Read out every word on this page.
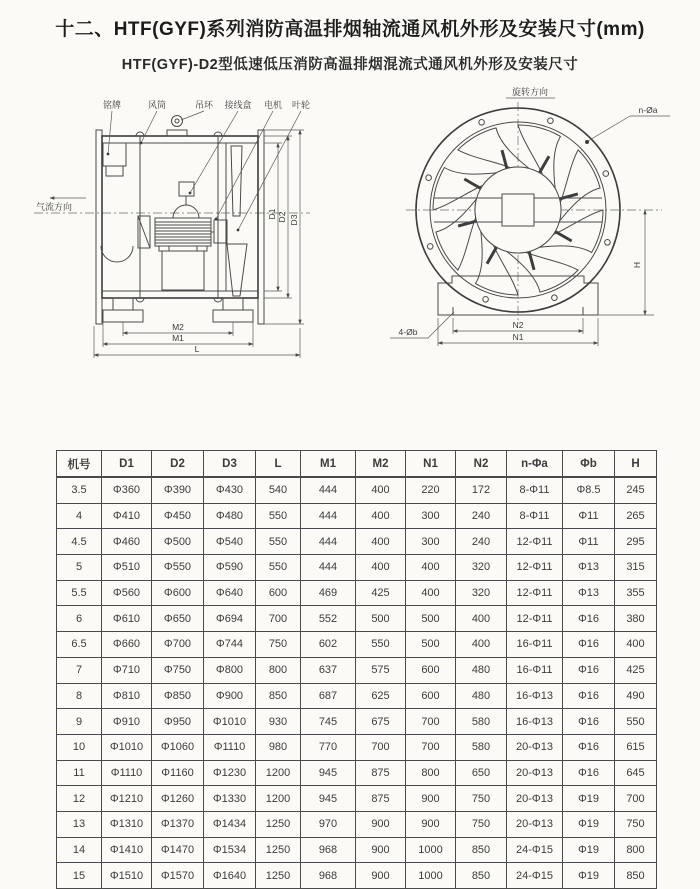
十二、HTF(GYF)系列消防高温排烟轴流通风机外形及安装尺寸(mm)
HTF(GYF)-D2型低速低压消防高温排烟混流式通风机外形及安装尺寸
铭牌	风筒	吊环 接线盒 电机 叶轮
气流方向
D1 D2 D3
M2
M1
L
旋转方向
n-Øa
4-Øb
N2
N1
H
机号	D1	D2	D3	L	M1	M2	N1	N2	n-Φa	Φb	H
3.5	Φ360	Φ390	Φ430	540	444	400	220	172	8-Φ11	Φ8.5	245
4	Φ410	Φ450	Φ480	550	444	400	300	240	8-Φ11	Φ11	265
4.5	Φ460	Φ500	Φ540	550	444	400	300	240	12-Φ11	Φ11	295
5	Φ510	Φ550	Φ590	550	444	400	400	320	12-Φ11	Φ13	315
5.5	Φ560	Φ600	Φ640	600	469	425	400	320	12-Φ11	Φ13	355
6	Φ610	Φ650	Φ694	700	552	500	500	400	12-Φ11	Φ16	380
6.5	Φ660	Φ700	Φ744	750	602	550	500	400	16-Φ11	Φ16	400
7	Φ710	Φ750	Φ800	800	637	575	600	480	16-Φ11	Φ16	425
8	Φ810	Φ850	Φ900	850	687	625	600	480	16-Φ13	Φ16	490
9	Φ910	Φ950	Φ1010	930	745	675	700	580	16-Φ13	Φ16	550
10	Φ1010	Φ1060	Φ1110	980	770	700	700	580	20-Φ13	Φ16	615
11	Φ1110	Φ1160	Φ1230	1200	945	875	800	650	20-Φ13	Φ16	645
12	Φ1210	Φ1260	Φ1330	1200	945	875	900	750	20-Φ13	Φ19	700
13	Φ1310	Φ1370	Φ1434	1250	970	900	900	750	20-Φ13	Φ19	750
14	Φ1410	Φ1470	Φ1534	1250	968	900	1000	850	24-Φ15	Φ19	800
15	Φ1510	Φ1570	Φ1640	1250	968	900	1000	850	24-Φ15	Φ19	850
